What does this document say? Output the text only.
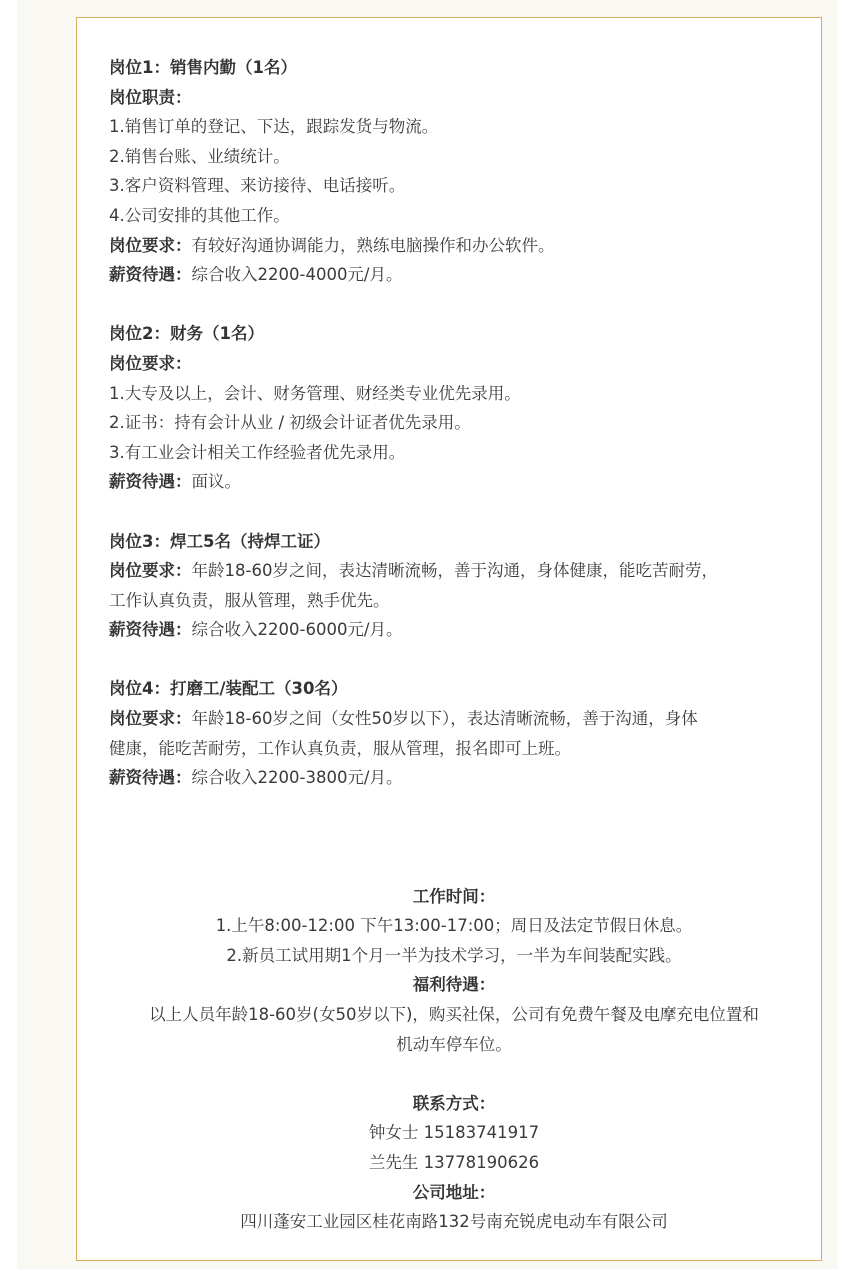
岗位1：销售内勤（1名）
岗位职责：
1.销售订单的登记、下达，跟踪发货与物流。
2.销售台账、业绩统计。
3.客户资料管理、来访接待、电话接听。
4.公司安排的其他工作。
岗位要求：有较好沟通协调能力，熟练电脑操作和办公软件。
薪资待遇：综合收入2200-4000元/月。
岗位2：财务（1名）
岗位要求：
1.大专及以上，会计、财务管理、财经类专业优先录用。
2.证书：持有会计从业 / 初级会计证者优先录用。
3.有工业会计相关工作经验者优先录用。
薪资待遇：面议。
岗位3：焊工5名（持焊工证）
岗位要求：年龄18-60岁之间，表达清晰流畅，善于沟通，身体健康，能吃苦耐劳，
工作认真负责，服从管理，熟手优先。
薪资待遇：综合收入2200-6000元/月。
岗位4：打磨工/装配工（30名）
岗位要求：年龄18-60岁之间（女性50岁以下），表达清晰流畅，善于沟通，身体
健康，能吃苦耐劳，工作认真负责，服从管理，报名即可上班。
薪资待遇：综合收入2200-3800元/月。
工作时间：
1.上午8:00-12:00 下午13:00-17:00；周日及法定节假日休息。
2.新员工试用期1个月一半为技术学习，一半为车间装配实践。
福利待遇：
以上人员年龄18-60岁(女50岁以下)，购买社保，公司有免费午餐及电摩充电位置和
机动车停车位。
联系方式：
钟女士 15183741917
兰先生 13778190626
公司地址：
四川蓬安工业园区桂花南路132号南充锐虎电动车有限公司
